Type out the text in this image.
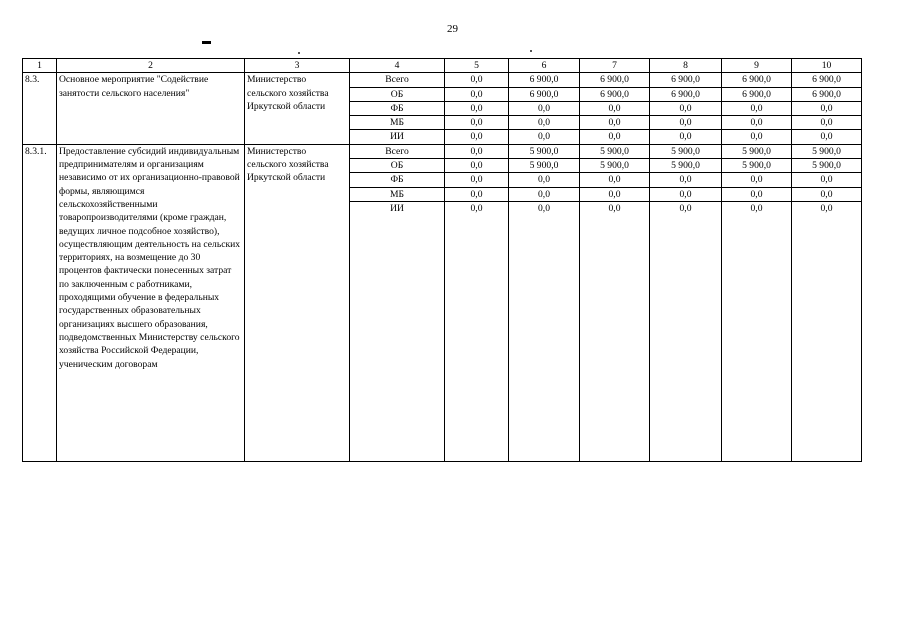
29
1	2	3	4	5	6	7	8	9	10
8.3.	Основное мероприятие "Содействие занятости сельского населения"	Министерство сельского хозяйства Иркутской области	Всего	0,0	6 900,0	6 900,0	6 900,0	6 900,0	6 900,0
			ОБ	0,0	6 900,0	6 900,0	6 900,0	6 900,0	6 900,0
			ФБ	0,0	0,0	0,0	0,0	0,0	0,0
			МБ	0,0	0,0	0,0	0,0	0,0	0,0
			ИИ	0,0	0,0	0,0	0,0	0,0	0,0
8.3.1.	Предоставление субсидий индивидуальным предпринимателям и организациям независимо от их организационно-правовой формы, являющимся сельскохозяйственными товаропроизводителями (кроме граждан, ведущих личное подсобное хозяйство), осуществляющим деятельность на сельских территориях, на возмещение до 30 процентов фактически понесенных затрат по заключенным с работниками, проходящими обучение в федеральных государственных образовательных организациях высшего образования, подведомственных Министерству сельского хозяйства Российской Федерации, ученическим договорам	Министерство сельского хозяйства Иркутской области	Всего	0,0	5 900,0	5 900,0	5 900,0	5 900,0	5 900,0
			ОБ	0,0	5 900,0	5 900,0	5 900,0	5 900,0	5 900,0
			ФБ	0,0	0,0	0,0	0,0	0,0	0,0
			МБ	0,0	0,0	0,0	0,0	0,0	0,0
			ИИ	0,0	0,0	0,0	0,0	0,0	0,0
